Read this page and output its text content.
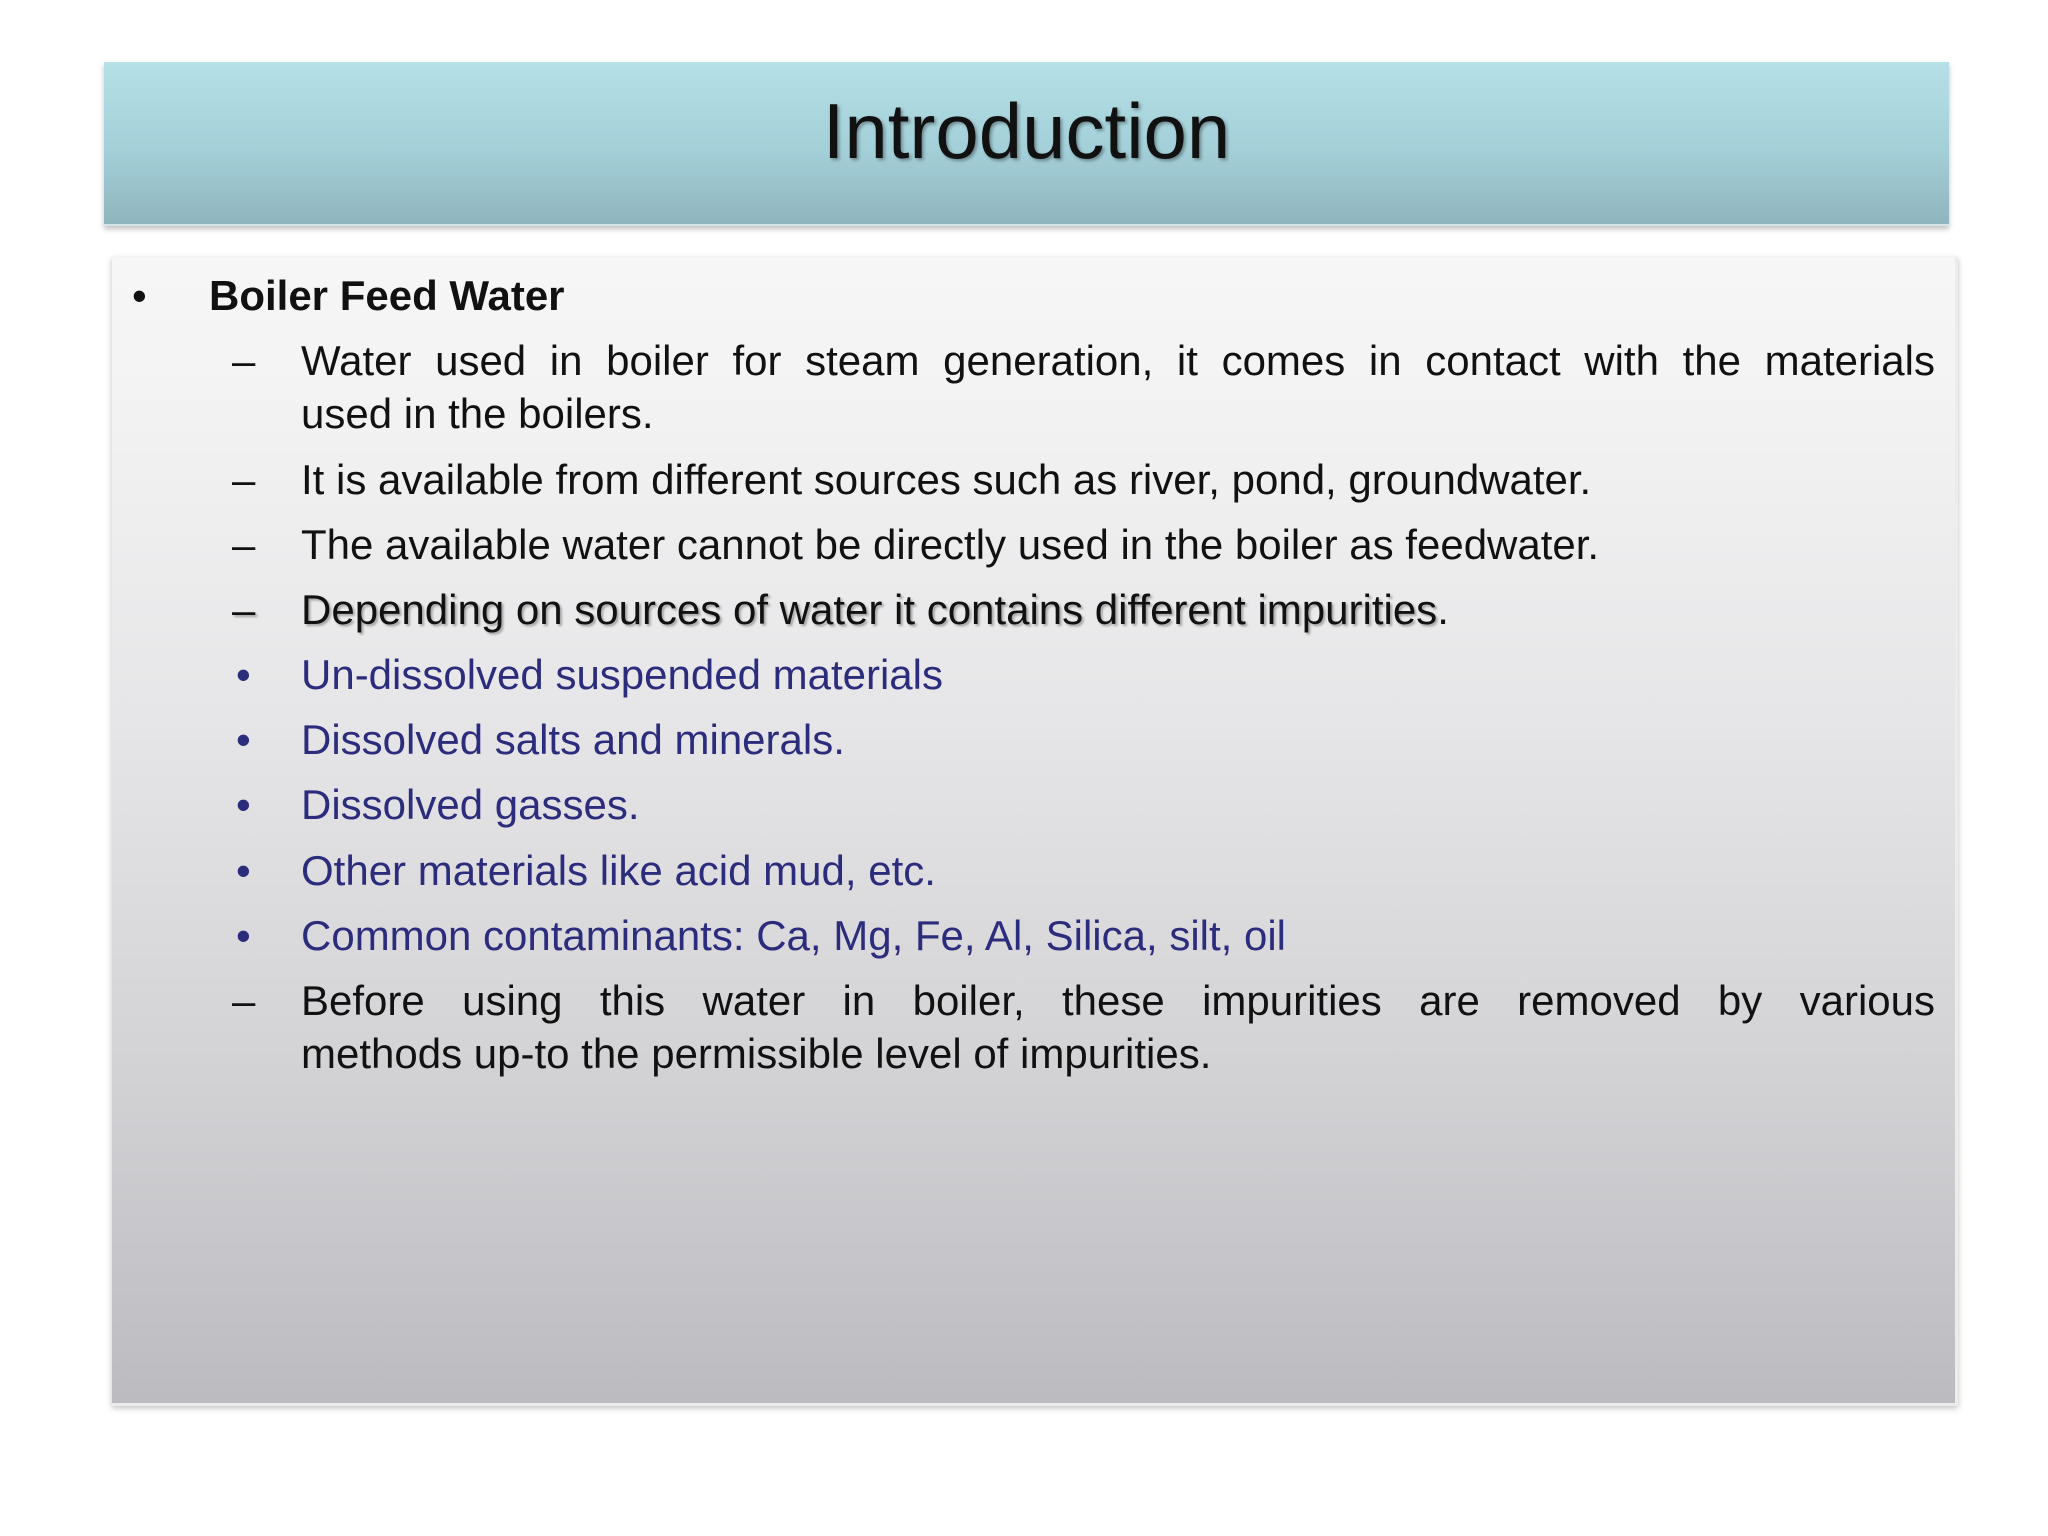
Introduction
• Boiler Feed Water
– Water used in boiler for steam generation, it comes in contact with the materials
used in the boilers.
– It is available from different sources such as river, pond, groundwater.
– The available water cannot be directly used in the boiler as feedwater.
– Depending on sources of water it contains different impurities.
• Un-dissolved suspended materials
• Dissolved salts and minerals.
• Dissolved gasses.
• Other materials like acid mud, etc.
• Common contaminants: Ca, Mg, Fe, Al, Silica, silt, oil
– Before using this water in boiler, these impurities are removed by various
methods up-to the permissible level of impurities.
